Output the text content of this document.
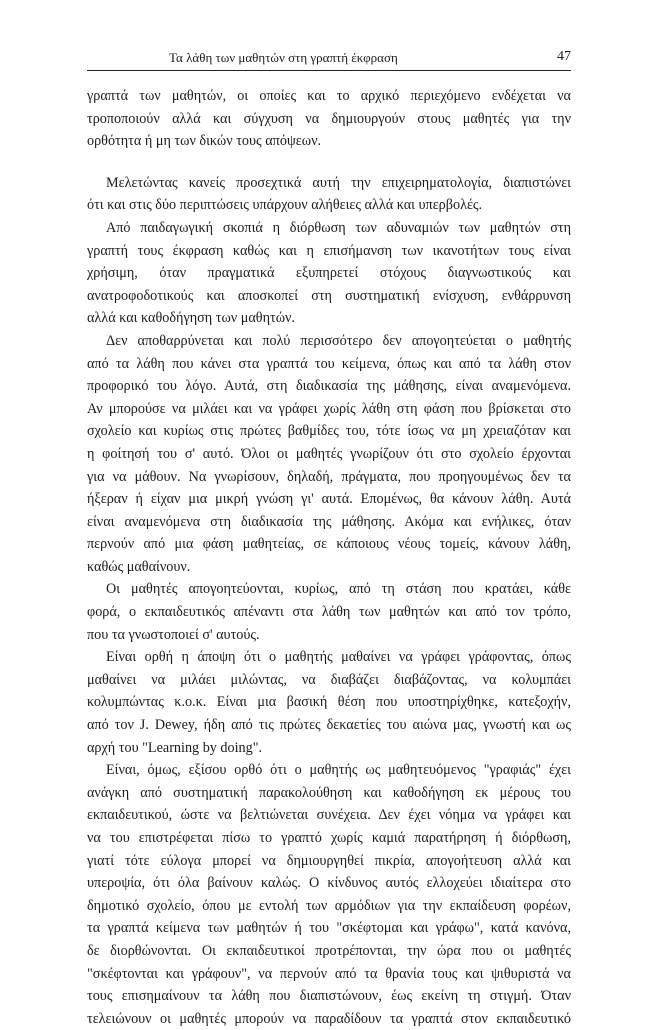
Τα λάθη των μαθητών στη γραπτή έκφραση	47

γραπτά των μαθητών, οι οποίες και το αρχικό περιεχόμενο ενδέχεται να
τροποποιούν αλλά και σύγχυση να δημιουργούν στους μαθητές για την
ορθότητα ή μη των δικών τους απόψεων.

Μελετώντας κανείς προσεχτικά αυτή την επιχειρηματολογία, διαπιστώνει
ότι και στις δύο περιπτώσεις υπάρχουν αλήθειες αλλά και υπερβολές.

Από παιδαγωγική σκοπιά η διόρθωση των αδυναμιών των μαθητών στη
γραπτή τους έκφραση καθώς και η επισήμανση των ικανοτήτων τους είναι
χρήσιμη, όταν πραγματικά εξυπηρετεί στόχους διαγνωστικούς και
ανατροφοδοτικούς και αποσκοπεί στη συστηματική ενίσχυση, ενθάρρυνση
αλλά και καθοδήγηση των μαθητών.

Δεν αποθαρρύνεται και πολύ περισσότερο δεν απογοητεύεται ο μαθητής
από τα λάθη που κάνει στα γραπτά του κείμενα, όπως και από τα λάθη στον
προφορικό του λόγο. Αυτά, στη διαδικασία της μάθησης, είναι αναμενόμενα.
Αν μπορούσε να μιλάει και να γράφει χωρίς λάθη στη φάση που βρίσκεται στο
σχολείο και κυρίως στις πρώτες βαθμίδες του, τότε ίσως να μη χρειαζόταν και
η φοίτησή του σ' αυτό. Όλοι οι μαθητές γνωρίζουν ότι στο σχολείο έρχονται
για να μάθουν. Να γνωρίσουν, δηλαδή, πράγματα, που προηγουμένως δεν τα
ήξεραν ή είχαν μια μικρή γνώση γι' αυτά. Επομένως, θα κάνουν λάθη. Αυτά
είναι αναμενόμενα στη διαδικασία της μάθησης. Ακόμα και ενήλικες, όταν
περνούν από μια φάση μαθητείας, σε κάποιους νέους τομείς, κάνουν λάθη,
καθώς μαθαίνουν.

Οι μαθητές απογοητεύονται, κυρίως, από τη στάση που κρατάει, κάθε
φορά, ο εκπαιδευτικός απέναντι στα λάθη των μαθητών και από τον τρόπο,
που τα γνωστοποιεί σ' αυτούς.

Είναι ορθή η άποψη ότι ο μαθητής μαθαίνει να γράφει γράφοντας, όπως
μαθαίνει να μιλάει μιλώντας, να διαβάζει διαβάζοντας, να κολυμπάει
κολυμπώντας κ.ο.κ. Είναι μια βασική θέση που υποστηρίχθηκε, κατεξοχήν,
από τον J. Dewey, ήδη από τις πρώτες δεκαετίες του αιώνα μας, γνωστή και ως
αρχή του "Learning by doing".

Είναι, όμως, εξίσου ορθό ότι ο μαθητής ως μαθητευόμενος "γραφιάς" έχει
ανάγκη από συστηματική παρακολούθηση και καθοδήγηση εκ μέρους του
εκπαιδευτικού, ώστε να βελτιώνεται συνέχεια. Δεν έχει νόημα να γράφει και
να του επιστρέφεται πίσω το γραπτό χωρίς καμιά παρατήρηση ή διόρθωση,
γιατί τότε εύλογα μπορεί να δημιουργηθεί πικρία, απογοήτευση αλλά και
υπεροψία, ότι όλα βαίνουν καλώς. Ο κίνδυνος αυτός ελλοχεύει ιδιαίτερα στο
δημοτικό σχολείο, όπου με εντολή των αρμόδιων για την εκπαίδευση φορέων,
τα γραπτά κείμενα των μαθητών ή του "σκέφτομαι και γράφω", κατά κανόνα,
δε διορθώνονται. Οι εκπαιδευτικοί προτρέπονται, την ώρα που οι μαθητές
"σκέφτονται και γράφουν", να περνούν από τα θρανία τους και ψιθυριστά να
τους επισημαίνουν τα λάθη που διαπιστώνουν, έως εκείνη τη στιγμή. Όταν
τελειώνουν οι μαθητές μπορούν να παραδίδουν τα γραπτά στον εκπαιδευτικό
